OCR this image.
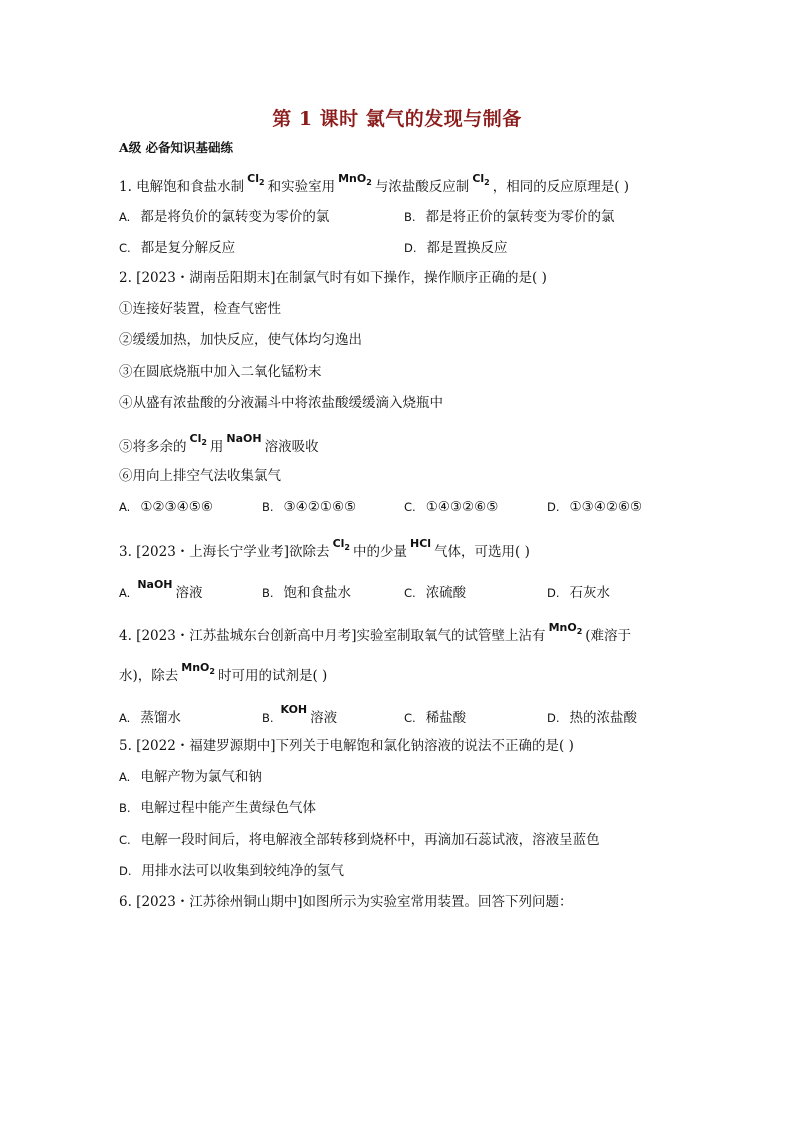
第 1 课时 氯气的发现与制备
A级 必备知识基础练
1. 电解饱和食盐水制$^{Cl_2}$ 和实验室用$^{MnO_2}$ 与浓盐酸反应制$^{Cl_2}$ ，相同的反应原理是( )
A. 都是将负价的氯转变为零价的氯	B. 都是将正价的氯转变为零价的氯
C. 都是复分解反应	D. 都是置换反应
2. [2023・湖南岳阳期末]在制氯气时有如下操作，操作顺序正确的是( )
①连接好装置，检查气密性
②缓缓加热，加快反应，使气体均匀逸出
③在圆底烧瓶中加入二氧化锰粉末
④从盛有浓盐酸的分液漏斗中将浓盐酸缓缓滴入烧瓶中
⑤将多余的$^{Cl_2}$ 用$^{NaOH}$溶液吸收
⑥用向上排空气法收集氯气
A. ①②③④⑤⑥	B. ③④②①⑥⑤	C. ①④③②⑥⑤	D. ①③④②⑥⑤
3. [2023・上海长宁学业考]欲除去$^{Cl_2}$ 中的少量$^{HCl}$气体，可选用( )
A.$^{NaOH}$溶液	B. 饱和食盐水	C. 浓硫酸	D. 石灰水
4. [2023・江苏盐城东台创新高中月考]实验室制取氧气的试管壁上沾有$^{MnO_2}$ (难溶于
水)，除去$^{MnO_2}$ 时可用的试剂是( )
A. 蒸馏水	B.$^{KOH}$溶液	C. 稀盐酸	D. 热的浓盐酸
5. [2022・福建罗源期中]下列关于电解饱和氯化钠溶液的说法不正确的是( )
A. 电解产物为氯气和钠
B. 电解过程中能产生黄绿色气体
C. 电解一段时间后，将电解液全部转移到烧杯中，再滴加石蕊试液，溶液呈蓝色
D. 用排水法可以收集到较纯净的氢气
6. [2023・江苏徐州铜山期中]如图所示为实验室常用装置。回答下列问题：
